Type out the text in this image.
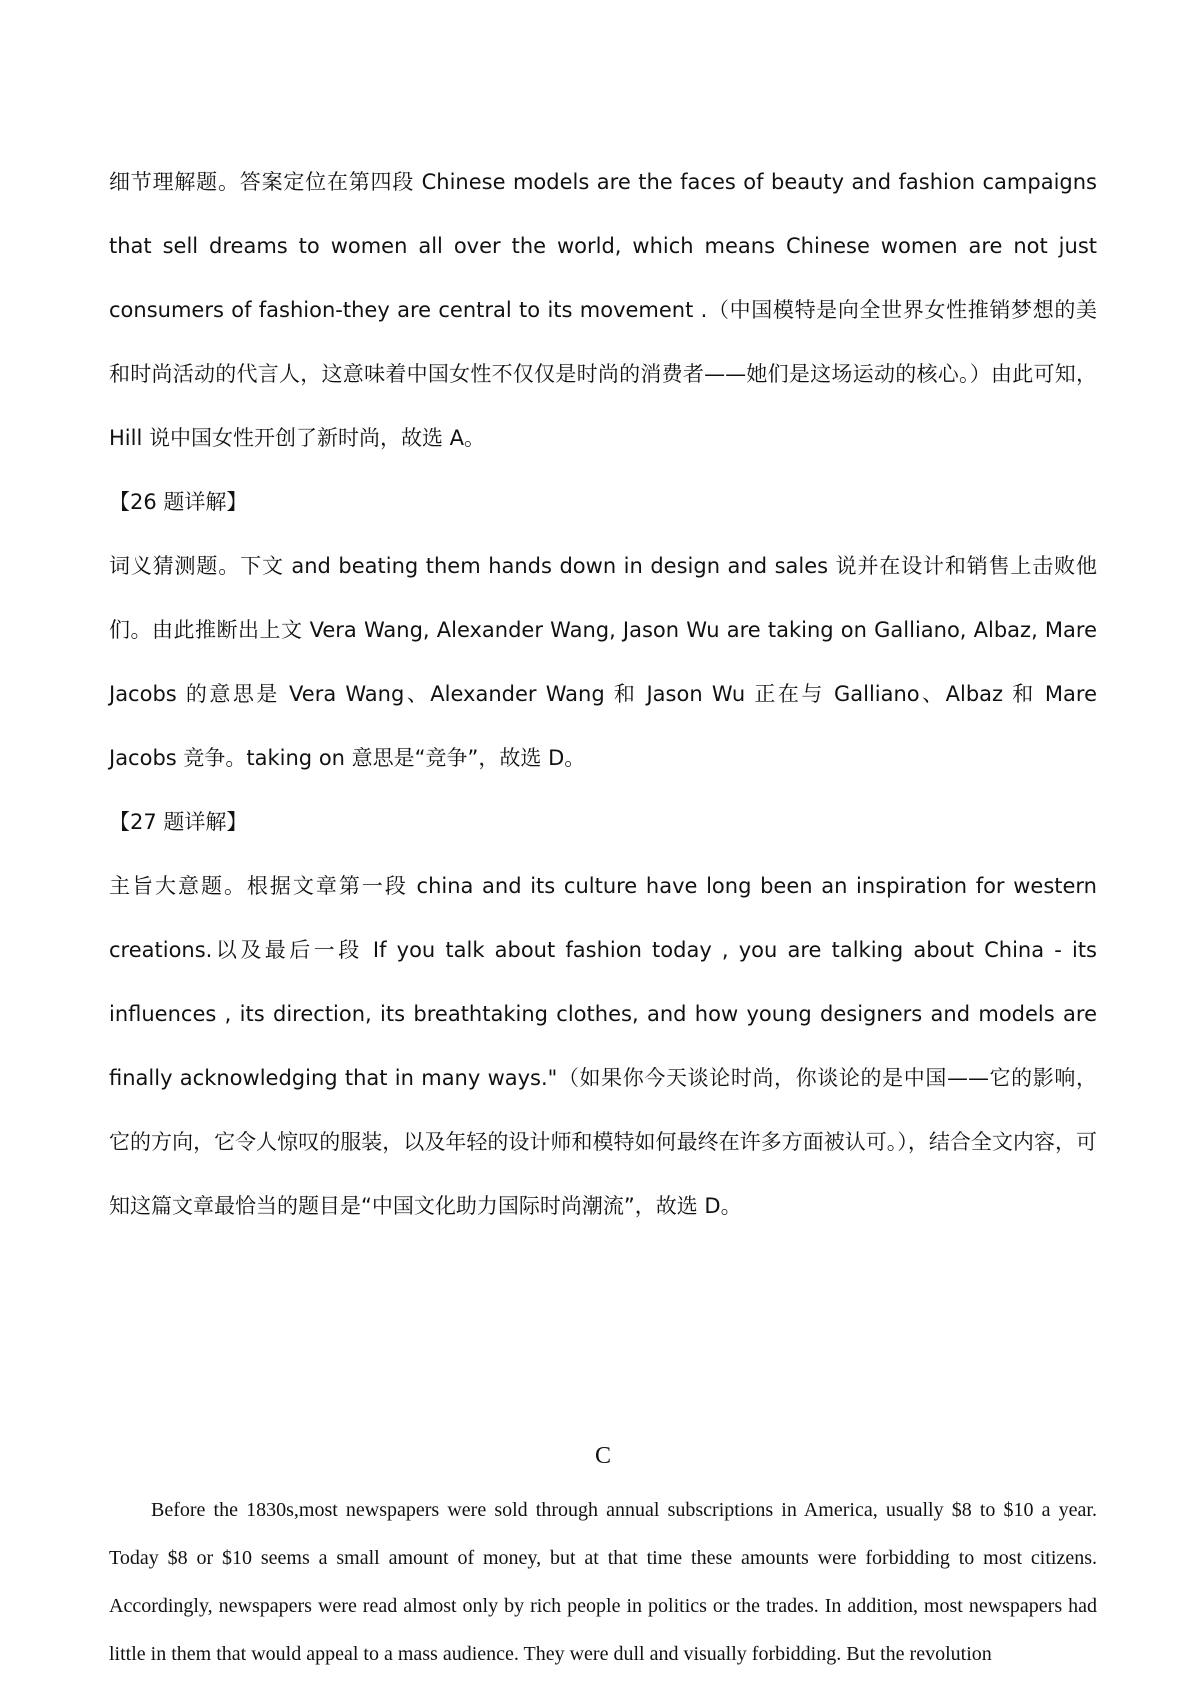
细节理解题。答案定位在第四段 Chinese models are the faces of beauty and fashion campaigns that sell dreams to women all over the world, which means Chinese women are not just consumers of fashion-they are central to its movement .（中国模特是向全世界女性推销梦想的美和时尚活动的代言人，这意味着中国女性不仅仅是时尚的消费者——她们是这场运动的核心。）由此可知，Hill 说中国女性开创了新时尚，故选 A。

【26 题详解】

词义猜测题。下文 and beating them hands down in design and sales 说并在设计和销售上击败他们。由此推断出上文 Vera Wang, Alexander Wang, Jason Wu are taking on Galliano, Albaz, Mare Jacobs 的意思是 Vera Wang、Alexander Wang 和 Jason Wu 正在与 Galliano、Albaz 和 Mare Jacobs 竞争。taking on 意思是“竞争”，故选 D。

【27 题详解】

主旨大意题。根据文章第一段 china and its culture have long been an inspiration for western creations.以及最后一段 If you talk about fashion today , you are talking about China - its influences , its direction, its breathtaking clothes, and how young designers and models are finally acknowledging that in many ways."（如果你今天谈论时尚，你谈论的是中国——它的影响，它的方向，它令人惊叹的服装，以及年轻的设计师和模特如何最终在许多方面被认可。），结合全文内容，可知这篇文章最恰当的题目是“中国文化助力国际时尚潮流”，故选 D。

C

Before the 1830s,most newspapers were sold through annual subscriptions in America, usually $8 to $10 a year. Today $8 or $10 seems a small amount of money, but at that time these amounts were forbidding to most citizens. Accordingly, newspapers were read almost only by rich people in politics or the trades. In addition, most newspapers had little in them that would appeal to a mass audience. They were dull and visually forbidding. But the revolution
